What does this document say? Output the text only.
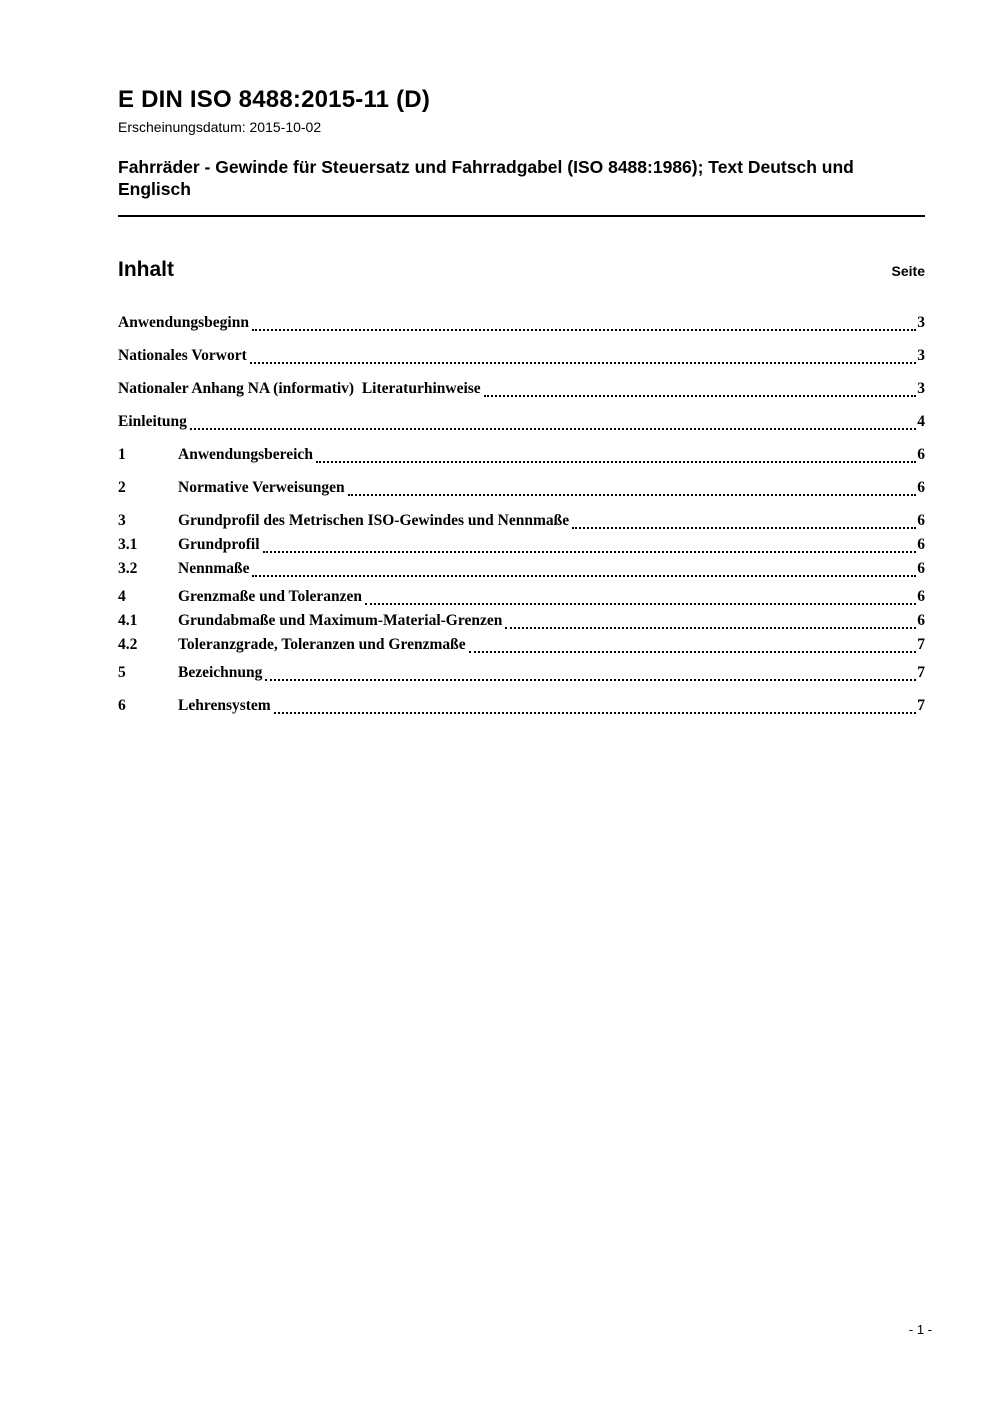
E DIN ISO 8488:2015-11 (D)
Erscheinungsdatum: 2015-10-02
Fahrräder - Gewinde für Steuersatz und Fahrradgabel (ISO 8488:1986); Text Deutsch und Englisch
Inhalt	Seite
Anwendungsbeginn	3
Nationales Vorwort	3
Nationaler Anhang NA (informativ)  Literaturhinweise	3
Einleitung	4
1	Anwendungsbereich	6
2	Normative Verweisungen	6
3	Grundprofil des Metrischen ISO-Gewindes und Nennmaße	6
3.1	Grundprofil	6
3.2	Nennmaße	6
4	Grenzmaße und Toleranzen	6
4.1	Grundabmaße und Maximum-Material-Grenzen	6
4.2	Toleranzgrade, Toleranzen und Grenzmaße	7
5	Bezeichnung	7
6	Lehrensystem	7
- 1 -
